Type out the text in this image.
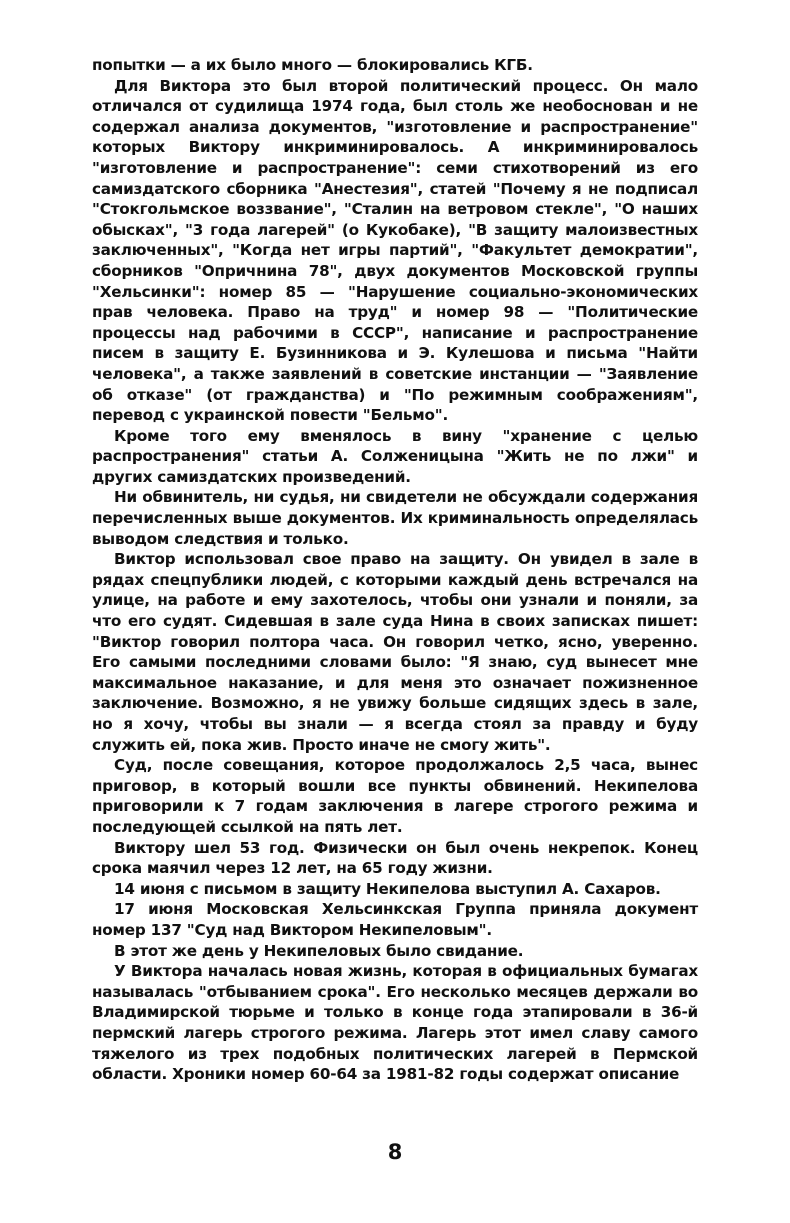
попытки — а их было много — блокировались КГБ.

Для Виктора это был второй политический процесс. Он мало отличался от судилища 1974 года, был столь же необоснован и не содержал анализа документов, "изготовление и распространение" которых Виктору инкриминировалось. А инкриминировалось "изготовление и распространение": семи стихотворений из его самиздатского сборника "Анестезия", статей "Почему я не подписал "Стокгольмское воззвание", "Сталин на ветровом стекле", "О наших обысках", "3 года лагерей" (о Кукобаке), "В защиту малоизвестных заключенных", "Когда нет игры партий", "Факультет демократии", сборников "Опричнина 78", двух документов Московской группы "Хельсинки": номер 85 — "Нарушение социально-экономических прав человека. Право на труд" и номер 98 — "Политические процессы над рабочими в СССР", написание и распространение писем в защиту Е. Бузинникова и Э. Кулешова и письма "Найти человека", а также заявлений в советские инстанции — "Заявление об отказе" (от гражданства) и "По режимным соображениям", перевод с украинской повести "Бельмо".

Кроме того ему вменялось в вину "хранение с целью распространения" статьи А. Солженицына "Жить не по лжи" и других самиздатских произведений.

Ни обвинитель, ни судья, ни свидетели не обсуждали содержания перечисленных выше документов. Их криминальность определялась выводом следствия и только.

Виктор использовал свое право на защиту. Он увидел в зале в рядах спецпублики людей, с которыми каждый день встречался на улице, на работе и ему захотелось, чтобы они узнали и поняли, за что его судят. Сидевшая в зале суда Нина в своих записках пишет: "Виктор говорил полтора часа. Он говорил четко, ясно, уверенно. Его самыми последними словами было: "Я знаю, суд вынесет мне максимальное наказание, и для меня это означает пожизненное заключение. Возможно, я не увижу больше сидящих здесь в зале, но я хочу, чтобы вы знали — я всегда стоял за правду и буду служить ей, пока жив. Просто иначе не смогу жить".

Суд, после совещания, которое продолжалось 2,5 часа, вынес приговор, в который вошли все пункты обвинений. Некипелова приговорили к 7 годам заключения в лагере строгого режима и последующей ссылкой на пять лет.

Виктору шел 53 год. Физически он был очень некрепок. Конец срока маячил через 12 лет, на 65 году жизни.

14 июня с письмом в защиту Некипелова выступил А. Сахаров.

17 июня Московская Хельсинкская Группа приняла документ номер 137 "Суд над Виктором Некипеловым".

В этот же день у Некипеловых было свидание.

У Виктора началась новая жизнь, которая в официальных бумагах называлась "отбыванием срока". Его несколько месяцев держали во Владимирской тюрьме и только в конце года этапировали в 36-й пермский лагерь строгого режима. Лагерь этот имел славу самого тяжелого из трех подобных политических лагерей в Пермской области. Хроники номер 60-64 за 1981-82 годы содержат описание

8
